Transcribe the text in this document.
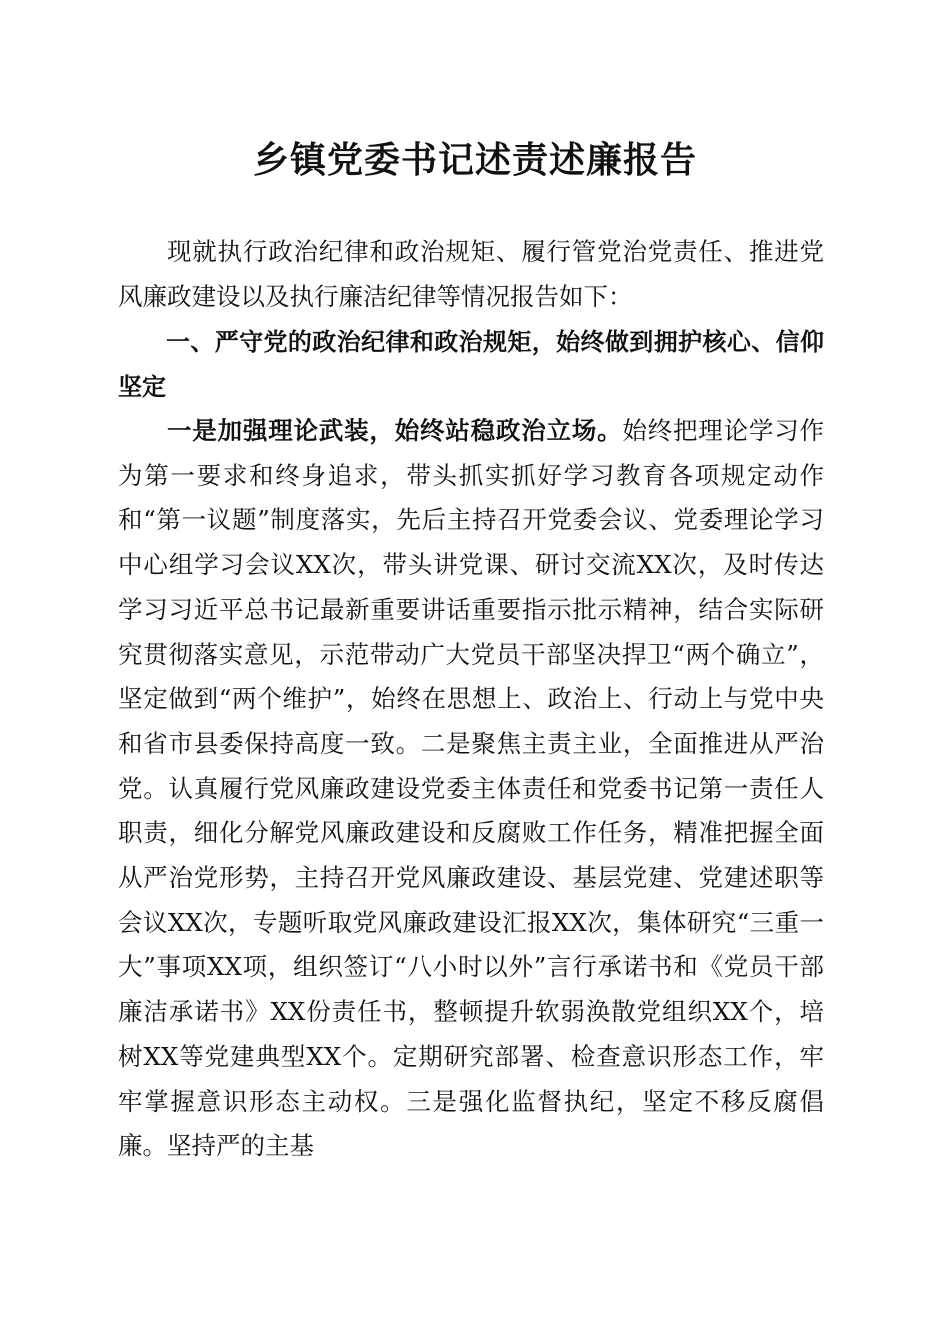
乡镇党委书记述责述廉报告

现就执行政治纪律和政治规矩、履行管党治党责任、推进党风廉政建设以及执行廉洁纪律等情况报告如下：

一、严守党的政治纪律和政治规矩，始终做到拥护核心、信仰坚定

一是加强理论武装，始终站稳政治立场。始终把理论学习作为第一要求和终身追求，带头抓实抓好学习教育各项规定动作和“第一议题”制度落实，先后主持召开党委会议、党委理论学习中心组学习会议XX次，带头讲党课、研讨交流XX次，及时传达学习习近平总书记最新重要讲话重要指示批示精神，结合实际研究贯彻落实意见，示范带动广大党员干部坚决捍卫“两个确立”，坚定做到“两个维护”，始终在思想上、政治上、行动上与党中央和省市县委保持高度一致。二是聚焦主责主业，全面推进从严治党。认真履行党风廉政建设党委主体责任和党委书记第一责任人职责，细化分解党风廉政建设和反腐败工作任务，精准把握全面从严治党形势，主持召开党风廉政建设、基层党建、党建述职等会议XX次，专题听取党风廉政建设汇报XX次，集体研究“三重一大”事项XX项，组织签订“八小时以外”言行承诺书和《党员干部廉洁承诺书》XX份责任书，整顿提升软弱涣散党组织XX个，培树XX等党建典型XX个。定期研究部署、检查意识形态工作，牢牢掌握意识形态主动权。三是强化监督执纪，坚定不移反腐倡廉。坚持严的主基
